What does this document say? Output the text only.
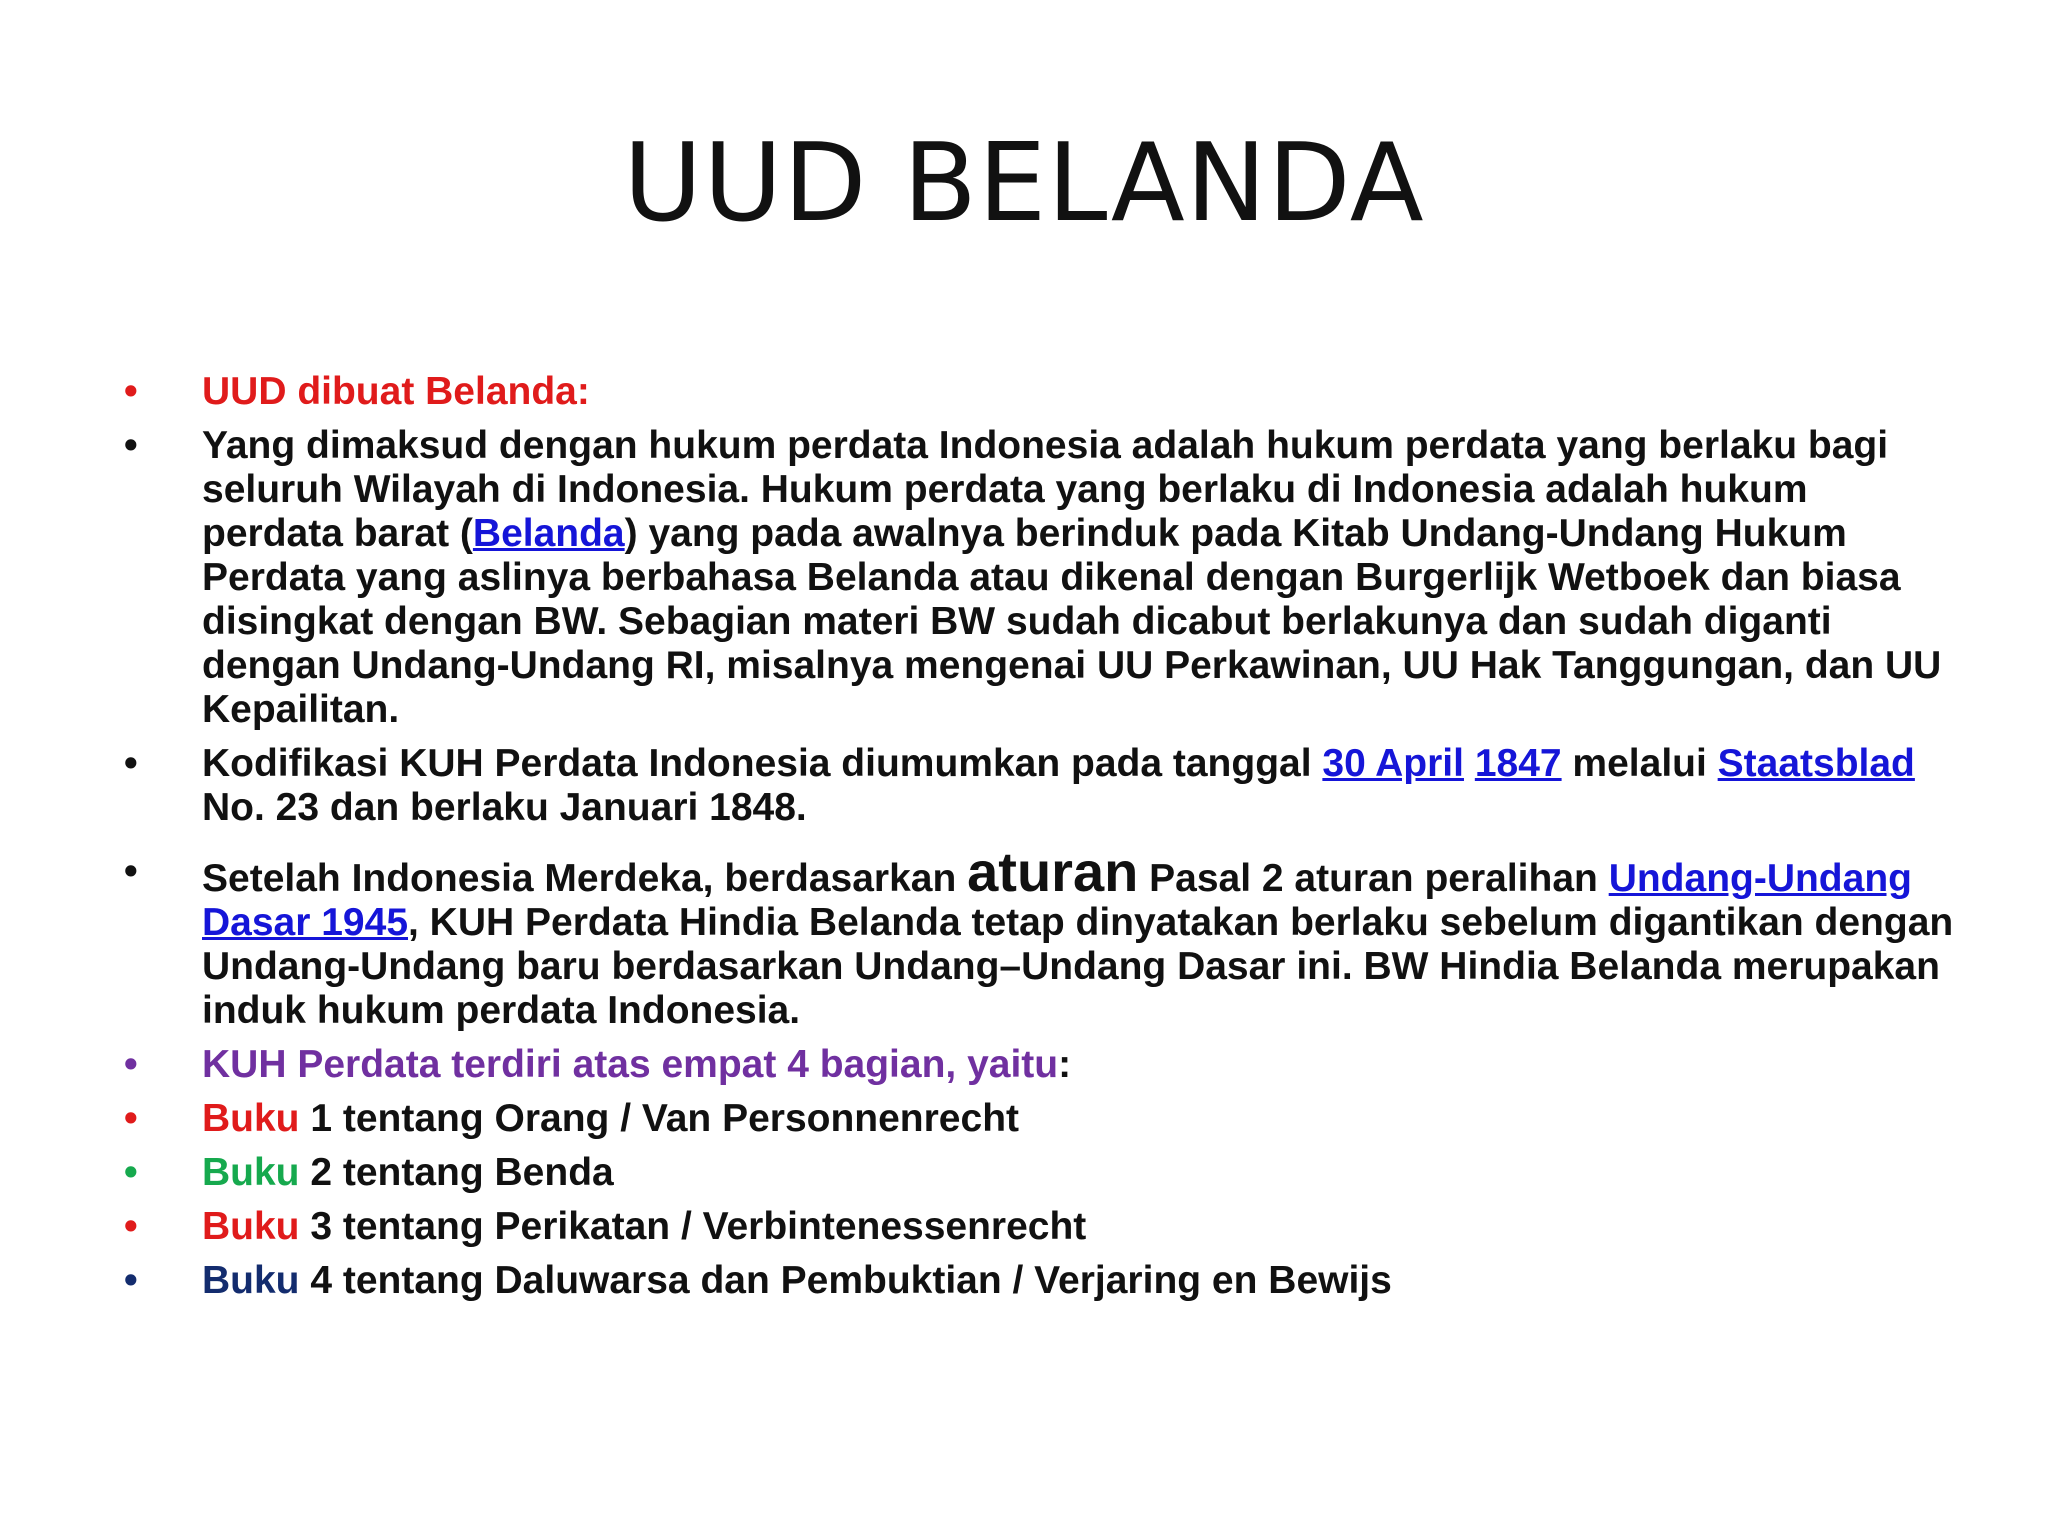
UUD BELANDA
• UUD dibuat Belanda:
• Yang dimaksud dengan hukum perdata Indonesia adalah hukum perdata yang berlaku bagi seluruh Wilayah di Indonesia. Hukum perdata yang berlaku di Indonesia adalah hukum perdata barat (Belanda) yang pada awalnya berinduk pada Kitab Undang-Undang Hukum Perdata yang aslinya berbahasa Belanda atau dikenal dengan Burgerlijk Wetboek dan biasa disingkat dengan BW. Sebagian materi BW sudah dicabut berlakunya dan sudah diganti dengan Undang-Undang RI, misalnya mengenai UU Perkawinan, UU Hak Tanggungan, dan UU Kepailitan.
• Kodifikasi KUH Perdata Indonesia diumumkan pada tanggal 30 April 1847 melalui Staatsblad No. 23 dan berlaku Januari 1848.
• Setelah Indonesia Merdeka, berdasarkan aturan Pasal 2 aturan peralihan Undang-Undang Dasar 1945, KUH Perdata Hindia Belanda tetap dinyatakan berlaku sebelum digantikan dengan Undang-Undang baru berdasarkan Undang–Undang Dasar ini. BW Hindia Belanda merupakan induk hukum perdata Indonesia.
• KUH Perdata terdiri atas empat 4 bagian, yaitu:
• Buku 1 tentang Orang / Van Personnenrecht
• Buku 2 tentang Benda
• Buku 3 tentang Perikatan / Verbintenessenrecht
• Buku 4 tentang Daluwarsa dan Pembuktian / Verjaring en Bewijs
